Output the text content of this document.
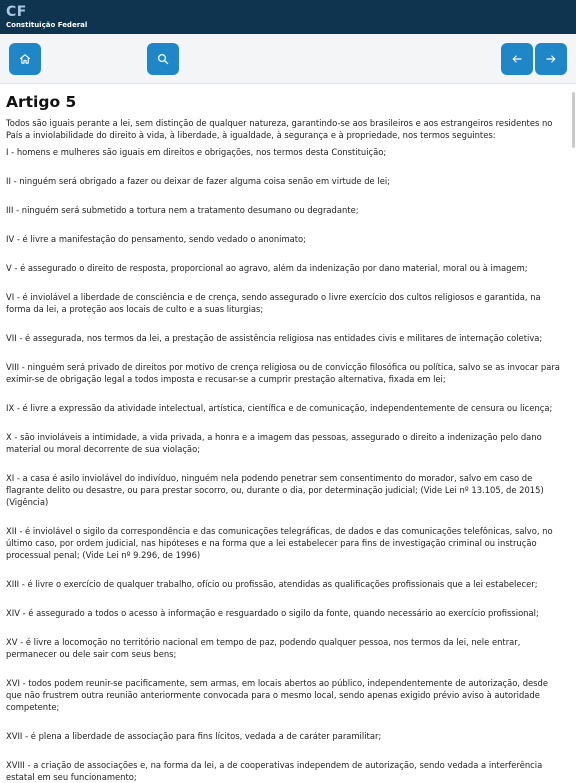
CF
Constituição Federal
Artigo 5

Todos são iguais perante a lei, sem distinção de qualquer natureza, garantindo-se aos brasileiros e aos estrangeiros residentes no País a inviolabilidade do direito à vida, à liberdade, à igualdade, à segurança e à propriedade, nos termos seguintes:

I - homens e mulheres são iguais em direitos e obrigações, nos termos desta Constituição;

II - ninguém será obrigado a fazer ou deixar de fazer alguma coisa senão em virtude de lei;

III - ninguém será submetido a tortura nem a tratamento desumano ou degradante;

IV - é livre a manifestação do pensamento, sendo vedado o anonimato;

V - é assegurado o direito de resposta, proporcional ao agravo, além da indenização por dano material, moral ou à imagem;

VI - é inviolável a liberdade de consciência e de crença, sendo assegurado o livre exercício dos cultos religiosos e garantida, na forma da lei, a proteção aos locais de culto e a suas liturgias;

VII - é assegurada, nos termos da lei, a prestação de assistência religiosa nas entidades civis e militares de internação coletiva;

VIII - ninguém será privado de direitos por motivo de crença religiosa ou de convicção filosófica ou política, salvo se as invocar para eximir-se de obrigação legal a todos imposta e recusar-se a cumprir prestação alternativa, fixada em lei;

IX - é livre a expressão da atividade intelectual, artística, científica e de comunicação, independentemente de censura ou licença;

X - são invioláveis a intimidade, a vida privada, a honra e a imagem das pessoas, assegurado o direito a indenização pelo dano material ou moral decorrente de sua violação;

XI - a casa é asilo inviolável do indivíduo, ninguém nela podendo penetrar sem consentimento do morador, salvo em caso de flagrante delito ou desastre, ou para prestar socorro, ou, durante o dia, por determinação judicial; (Vide Lei nº 13.105, de 2015) (Vigência)

XII - é inviolável o sigilo da correspondência e das comunicações telegráficas, de dados e das comunicações telefônicas, salvo, no último caso, por ordem judicial, nas hipóteses e na forma que a lei estabelecer para fins de investigação criminal ou instrução processual penal; (Vide Lei nº 9.296, de 1996)

XIII - é livre o exercício de qualquer trabalho, ofício ou profissão, atendidas as qualificações profissionais que a lei estabelecer;

XIV - é assegurado a todos o acesso à informação e resguardado o sigilo da fonte, quando necessário ao exercício profissional;

XV - é livre a locomoção no território nacional em tempo de paz, podendo qualquer pessoa, nos termos da lei, nele entrar, permanecer ou dele sair com seus bens;

XVI - todos podem reunir-se pacificamente, sem armas, em locais abertos ao público, independentemente de autorização, desde que não frustrem outra reunião anteriormente convocada para o mesmo local, sendo apenas exigido prévio aviso à autoridade competente;

XVII - é plena a liberdade de associação para fins lícitos, vedada a de caráter paramilitar;

XVIII - a criação de associações e, na forma da lei, a de cooperativas independem de autorização, sendo vedada a interferência estatal em seu funcionamento;
